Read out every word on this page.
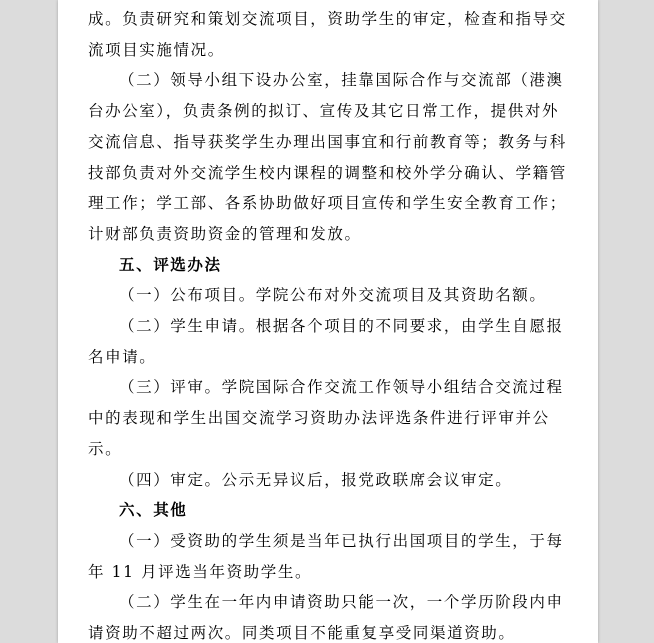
成。负责研究和策划交流项目，资助学生的审定，检查和指导交

流项目实施情况。

（二）领导小组下设办公室，挂靠国际合作与交流部（港澳

台办公室），负责条例的拟订、宣传及其它日常工作，提供对外

交流信息、指导获奖学生办理出国事宜和行前教育等；教务与科

技部负责对外交流学生校内课程的调整和校外学分确认、学籍管

理工作；学工部、各系协助做好项目宣传和学生安全教育工作；

计财部负责资助资金的管理和发放。

五、评选办法

（一）公布项目。学院公布对外交流项目及其资助名额。

（二）学生申请。根据各个项目的不同要求，由学生自愿报

名申请。

（三）评审。学院国际合作交流工作领导小组结合交流过程

中的表现和学生出国交流学习资助办法评选条件进行评审并公

示。

（四）审定。公示无异议后，报党政联席会议审定。

六、其他

（一）受资助的学生须是当年已执行出国项目的学生，于每

年 11 月评选当年资助学生。

（二）学生在一年内申请资助只能一次，一个学历阶段内申

请资助不超过两次。同类项目不能重复享受同渠道资助。
